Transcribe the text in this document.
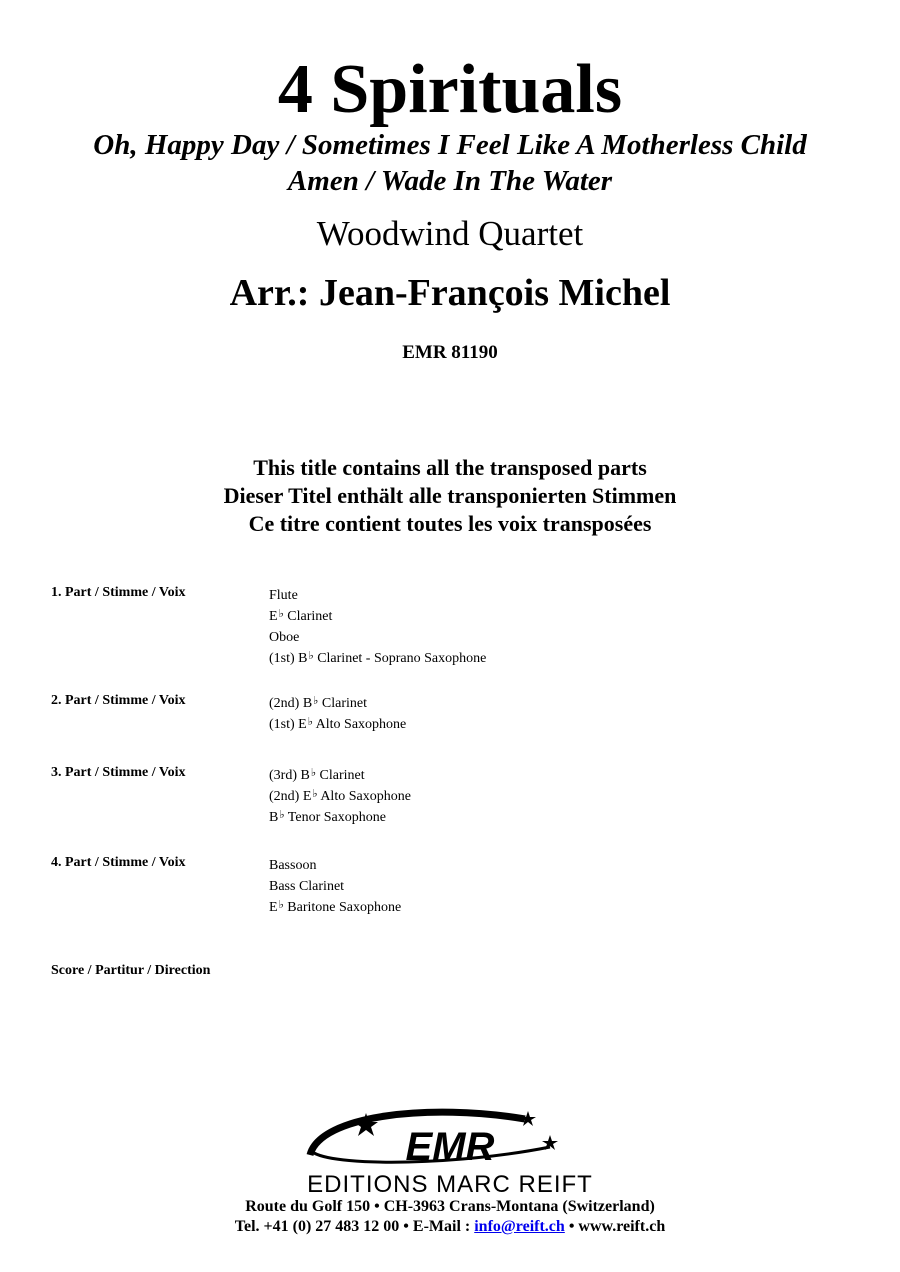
4 Spirituals
Oh, Happy Day / Sometimes I Feel Like A Motherless Child
Amen / Wade In The Water
Woodwind Quartet
Arr.: Jean-François Michel
EMR 81190
This title contains all the transposed parts
Dieser Titel enthält alle transponierten Stimmen
Ce titre contient toutes les voix transposées
1. Part / Stimme / Voix	Flute
E♭ Clarinet
Oboe
(1st) B♭ Clarinet - Soprano Saxophone
2. Part / Stimme / Voix	(2nd) B♭ Clarinet
(1st) E♭ Alto Saxophone
3. Part / Stimme / Voix	(3rd) B♭ Clarinet
(2nd) E♭ Alto Saxophone
B♭ Tenor Saxophone
4. Part / Stimme / Voix	Bassoon
Bass Clarinet
E♭ Baritone Saxophone
Score / Partitur / Direction
EMR
EDITIONS MARC REIFT
Route du Golf 150 • CH-3963 Crans-Montana (Switzerland)
Tel. +41 (0) 27 483 12 00 • E-Mail : info@reift.ch • www.reift.ch
